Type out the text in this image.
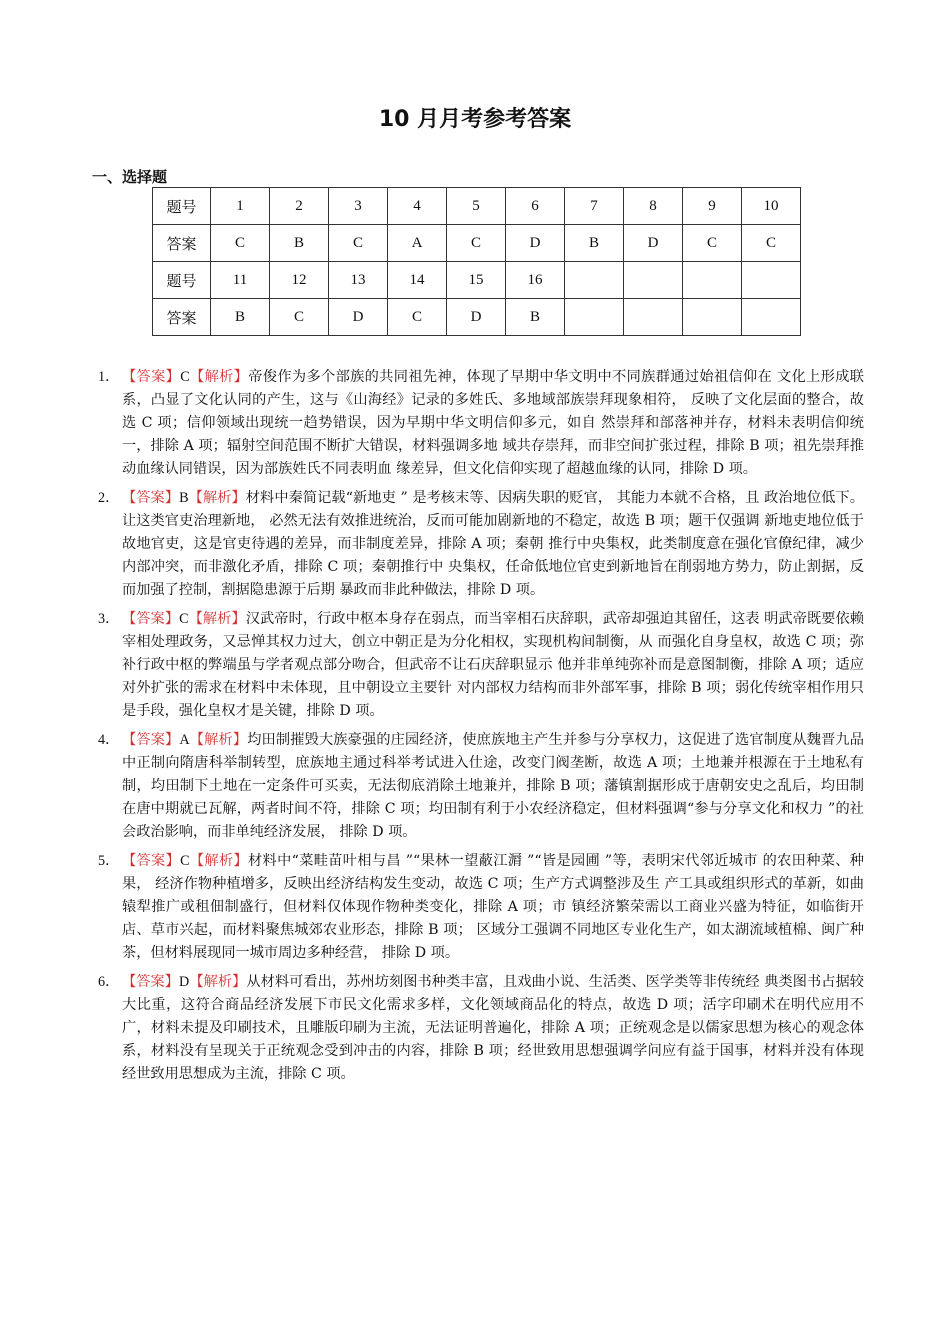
10 月月考参考答案
一、选择题
题号	1	2	3	4	5	6	7	8	9	10
答案	C	B	C	A	C	D	B	D	C	C
题号	11	12	13	14	15	16				
答案	B	C	D	C	D	B				
1． 【答案】C【解析】帝俊作为多个部族的共同祖先神，体现了早期中华文明中不同族群通过始祖信仰在 文化上形成联系，凸显了文化认同的产生，这与《山海经》记录的多姓氏、多地域部族崇拜现象相符， 反映了文化层面的整合，故选 C 项；信仰领域出现统一趋势错误，因为早期中华文明信仰多元，如自 然崇拜和部落神并存，材料未表明信仰统一，排除 A 项；辐射空间范围不断扩大错误，材料强调多地 域共存崇拜，而非空间扩张过程，排除 B 项；祖先崇拜推动血缘认同错误，因为部族姓氏不同表明血 缘差异，但文化信仰实现了超越血缘的认同，排除 D 项。
2． 【答案】B【解析】材料中秦简记载“新地吏 ” 是考核末等、因病失职的贬官， 其能力本就不合格，且 政治地位低下。让这类官吏治理新地， 必然无法有效推进统治，反而可能加剧新地的不稳定，故选 B 项；题干仅强调 新地吏地位低于故地官吏，这是官吏待遇的差异，而非制度差异，排除 A 项；秦朝 推行中央集权，此类制度意在强化官僚纪律，减少内部冲突，而非激化矛盾，排除 C 项；秦朝推行中 央集权，任命低地位官吏到新地旨在削弱地方势力，防止割据，反而加强了控制，割据隐患源于后期 暴政而非此种做法，排除 D 项。
3． 【答案】C【解析】汉武帝时，行政中枢本身存在弱点，而当宰相石庆辞职，武帝却强迫其留任，这表 明武帝既要依赖宰相处理政务，又忌惮其权力过大，创立中朝正是为分化相权，实现机构间制衡，从 而强化自身皇权，故选 C 项；弥补行政中枢的弊端虽与学者观点部分吻合，但武帝不让石庆辞职显示 他并非单纯弥补而是意图制衡，排除 A 项；适应对外扩张的需求在材料中未体现，且中朝设立主要针 对内部权力结构而非外部军事，排除 B 项；弱化传统宰相作用只是手段，强化皇权才是关键，排除 D 项。
4． 【答案】A【解析】均田制摧毁大族豪强的庄园经济，使庶族地主产生并参与分享权力，这促进了选官制度从魏晋九品中正制向隋唐科举制转型，庶族地主通过科举考试进入仕途，改变门阀垄断，故选 A 项；土地兼并根源在于土地私有制，均田制下土地在一定条件可买卖，无法彻底消除土地兼并，排除 B 项；藩镇割据形成于唐朝安史之乱后，均田制在唐中期就已瓦解，两者时间不符，排除 C 项；均田制有利于小农经济稳定，但材料强调“参与分享文化和权力 ”的社会政治影响，而非单纯经济发展， 排除 D 项。
5． 【答案】C【解析】材料中“菜畦苗叶相与昌 ”“果林一望蔽江漘 ”“皆是园圃 ”等，表明宋代邻近城市 的农田种菜、种果， 经济作物种植增多，反映出经济结构发生变动，故选 C 项；生产方式调整涉及生 产工具或组织形式的革新，如曲辕犁推广或租佃制盛行，但材料仅体现作物种类变化，排除 A 项；市 镇经济繁荣需以工商业兴盛为特征，如临街开店、草市兴起，而材料聚焦城郊农业形态，排除 B 项； 区域分工强调不同地区专业化生产，如太湖流域植棉、闽广种茶，但材料展现同一城市周边多种经营， 排除 D 项。
6． 【答案】D【解析】从材料可看出，苏州坊刻图书种类丰富，且戏曲小说、生活类、医学类等非传统经 典类图书占据较大比重，这符合商品经济发展下市民文化需求多样，文化领域商品化的特点，故选 D 项；活字印刷术在明代应用不广，材料未提及印刷技术，且雕版印刷为主流，无法证明普遍化，排除 A 项；正统观念是以儒家思想为核心的观念体系，材料没有呈现关于正统观念受到冲击的内容，排除 B 项；经世致用思想强调学问应有益于国事，材料并没有体现经世致用思想成为主流，排除 C 项。
